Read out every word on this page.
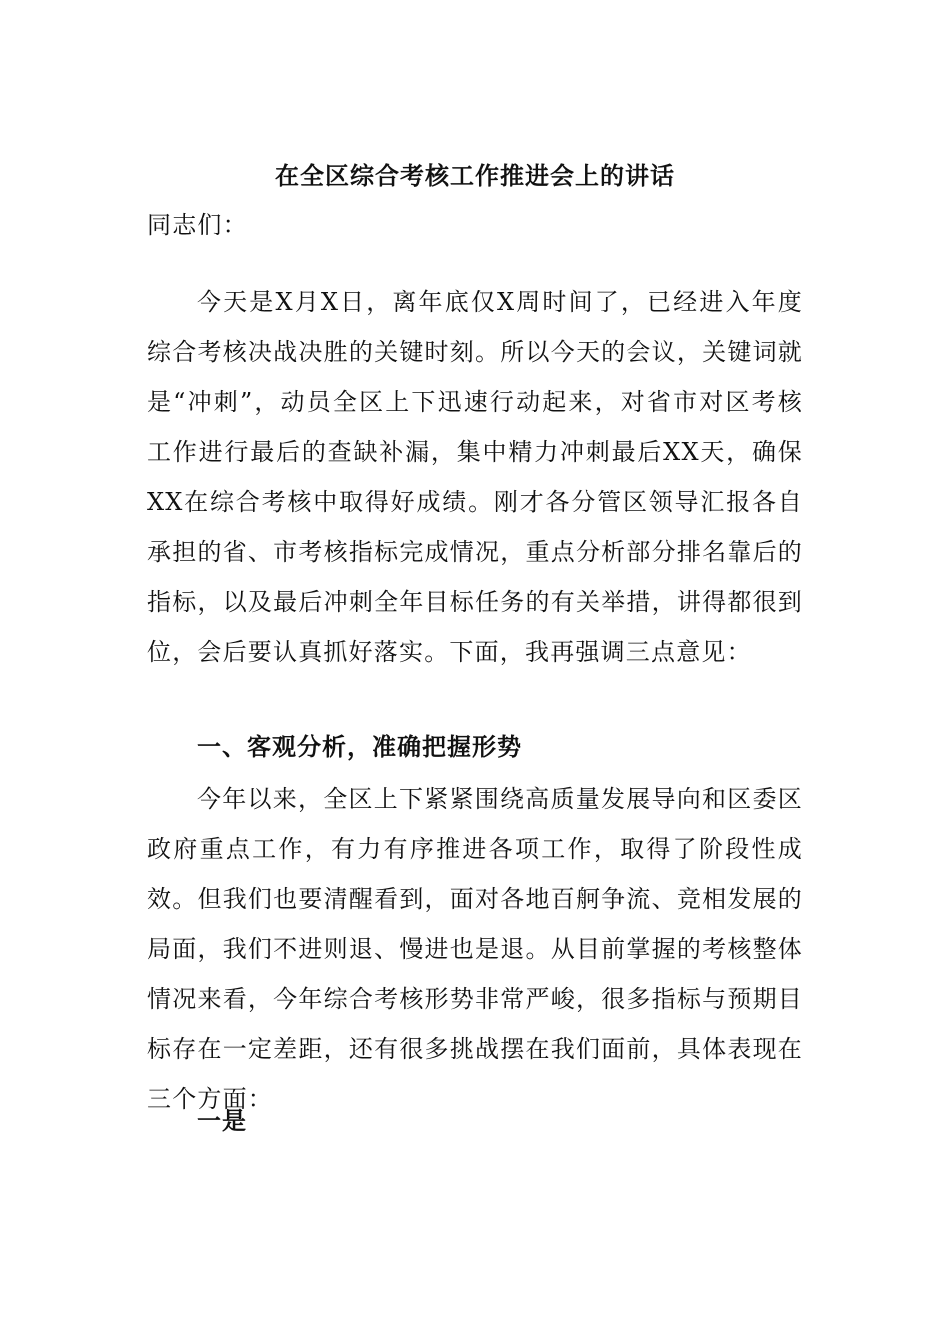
在全区综合考核工作推进会上的讲话
同志们：
今天是X月X日，离年底仅X周时间了，已经进入年度综合考核决战决胜的关键时刻。所以今天的会议，关键词就是“冲刺”，动员全区上下迅速行动起来，对省市对区考核工作进行最后的查缺补漏，集中精力冲刺最后XX天，确保XX在综合考核中取得好成绩。刚才各分管区领导汇报各自承担的省、市考核指标完成情况，重点分析部分排名靠后的指标，以及最后冲刺全年目标任务的有关举措，讲得都很到位，会后要认真抓好落实。下面，我再强调三点意见：
一、客观分析，准确把握形势
今年以来，全区上下紧紧围绕高质量发展导向和区委区政府重点工作，有力有序推进各项工作，取得了阶段性成效。但我们也要清醒看到，面对各地百舸争流、竞相发展的局面，我们不进则退、慢进也是退。从目前掌握的考核整体情况来看，今年综合考核形势非常严峻，很多指标与预期目标存在一定差距，还有很多挑战摆在我们面前，具体表现在三个方面：
一是
